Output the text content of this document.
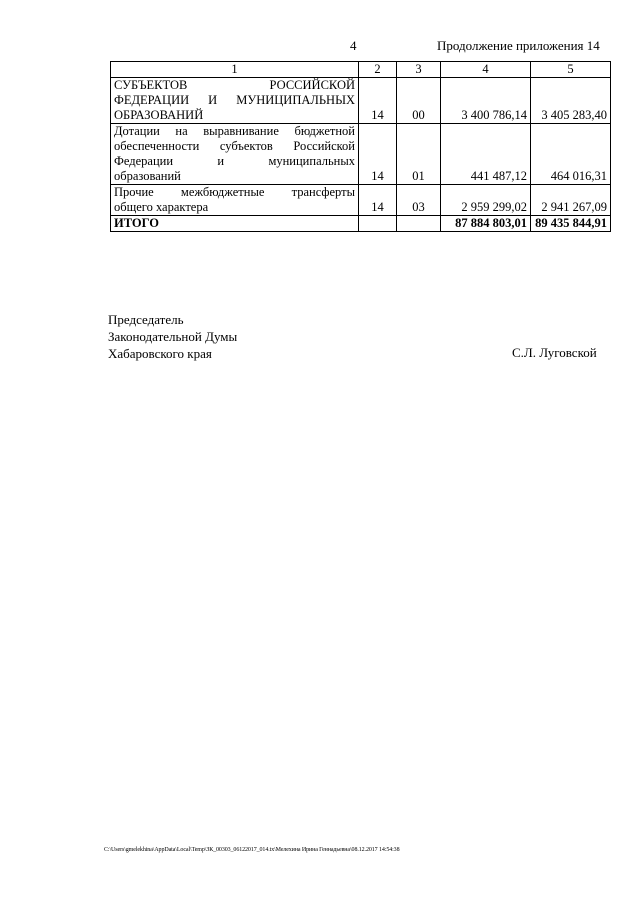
4	Продолжение приложения 14
1	2	3	4	5

СУБЪЕКТОВ РОССИЙСКОЙ
ФЕДЕРАЦИИ И МУНИЦИПАЛЬНЫХ
ОБРАЗОВАНИЙ	14	00	3 400 786,14	3 405 283,40

Дотации на выравнивание бюджетной
обеспеченности субъектов Российской
Федерации и муниципальных
образований	14	01	441 487,12	464 016,31

Прочие межбюджетные трансферты
общего характера	14	03	2 959 299,02	2 941 267,09
ИТОГО			87 884 803,01	89 435 844,91
Председатель
Законодательной Думы
Хабаровского края	С.Л. Луговской
C:\Users\gmelekhina\AppData\Local\Temp\ЗК_00303_06122017_014.tx\Мелехина Ирина Геннадьевна\08.12.2017 14:54:38
